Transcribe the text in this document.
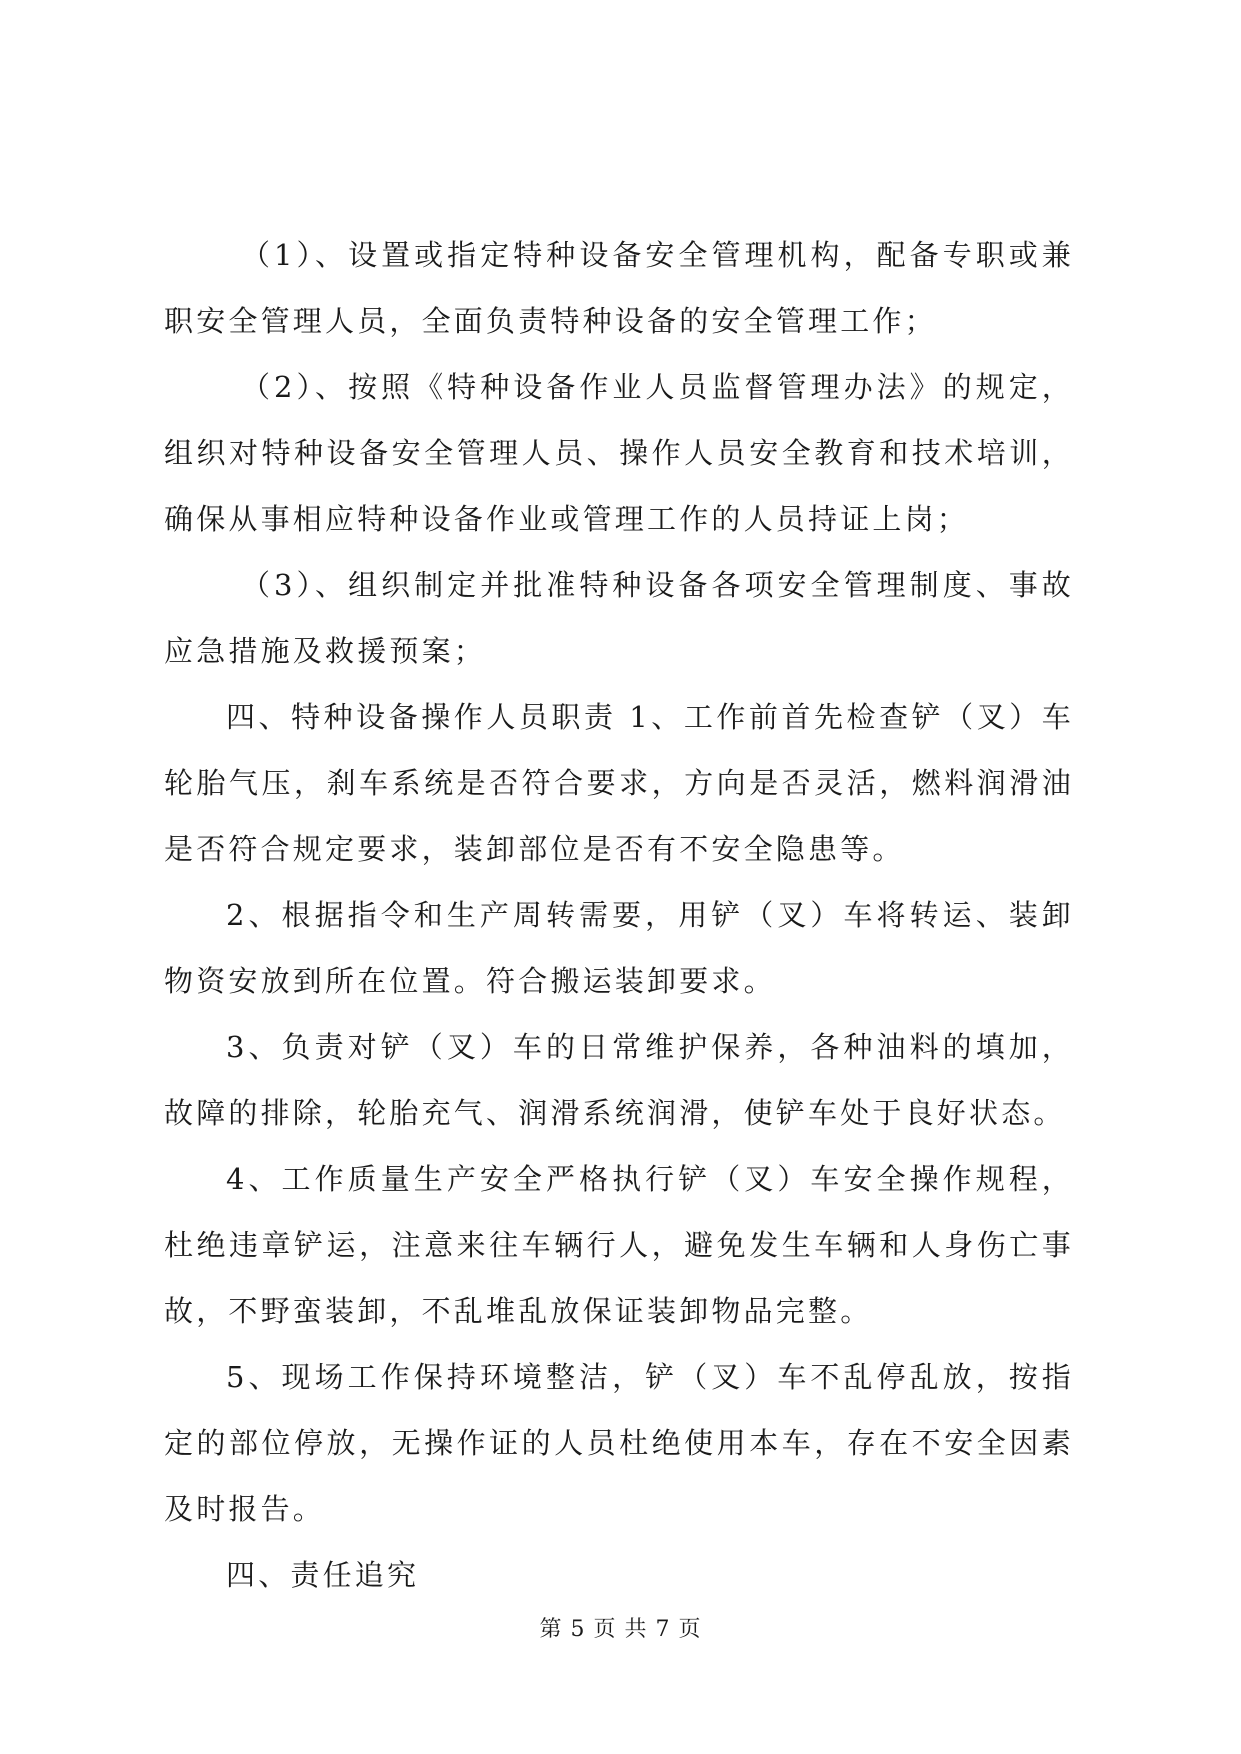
（1）、设置或指定特种设备安全管理机构，配备专职或兼职安全管理人员，全面负责特种设备的安全管理工作；

（2）、按照《特种设备作业人员监督管理办法》的规定，组织对特种设备安全管理人员、操作人员安全教育和技术培训，确保从事相应特种设备作业或管理工作的人员持证上岗；

（3）、组织制定并批准特种设备各项安全管理制度、事故应急措施及救援预案；

四、特种设备操作人员职责 1、工作前首先检查铲（叉）车轮胎气压，刹车系统是否符合要求，方向是否灵活，燃料润滑油是否符合规定要求，装卸部位是否有不安全隐患等。

2、根据指令和生产周转需要，用铲（叉）车将转运、装卸物资安放到所在位置。符合搬运装卸要求。

3、负责对铲（叉）车的日常维护保养，各种油料的填加，故障的排除，轮胎充气、润滑系统润滑，使铲车处于良好状态。

4、工作质量生产安全严格执行铲（叉）车安全操作规程，杜绝违章铲运，注意来往车辆行人，避免发生车辆和人身伤亡事故，不野蛮装卸，不乱堆乱放保证装卸物品完整。

5、现场工作保持环境整洁，铲（叉）车不乱停乱放，按指定的部位停放，无操作证的人员杜绝使用本车，存在不安全因素及时报告。

四、责任追究

第 5 页 共 7 页
